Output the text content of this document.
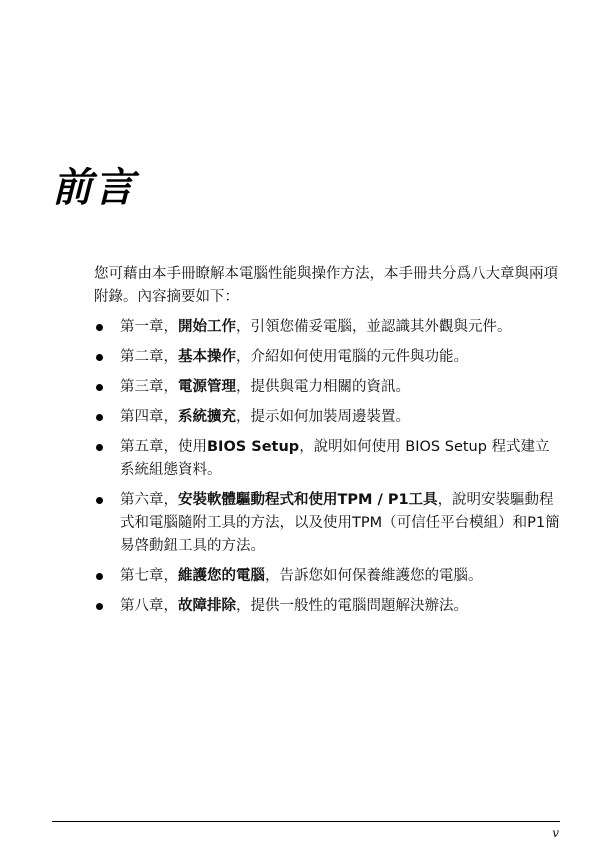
前言

您可藉由本手冊瞭解本電腦性能與操作方法，本手冊共分爲八大章與兩項附錄。內容摘要如下：

第一章，開始工作，引領您備妥電腦，並認識其外觀與元件。
第二章，基本操作，介紹如何使用電腦的元件與功能。
第三章，電源管理，提供與電力相關的資訊。
第四章，系統擴充，提示如何加裝周邊裝置。
第五章，使用BIOS Setup，說明如何使用 BIOS Setup 程式建立系統組態資料。
第六章，安裝軟體驅動程式和使用TPM / P1工具，說明安裝驅動程式和電腦隨附工具的方法，以及使用TPM（可信任平台模組）和P1簡易啓動鈕工具的方法。
第七章，維護您的電腦，告訴您如何保養維護您的電腦。
第八章，故障排除，提供一般性的電腦問題解決辦法。
v
